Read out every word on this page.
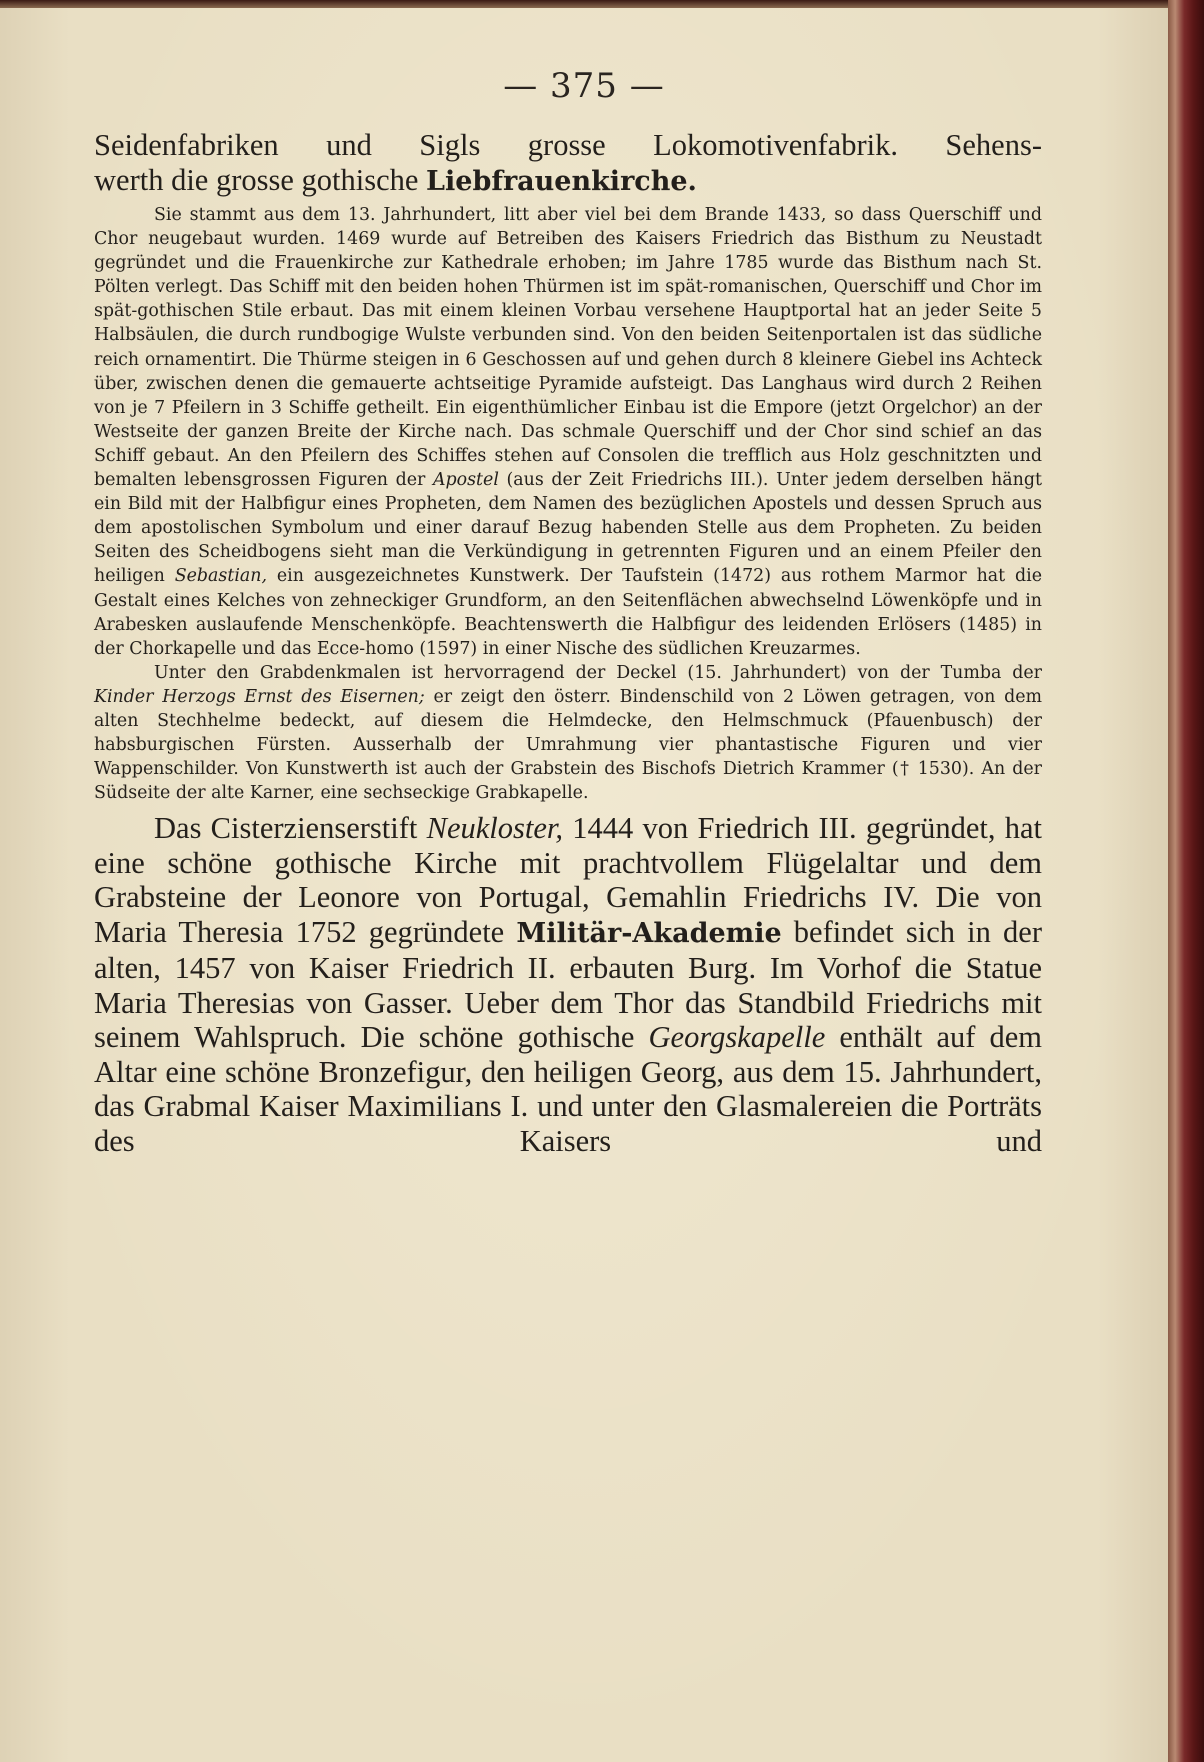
— 375 —

Seidenfabriken und Sigls grosse Lokomotivenfabrik. Sehens-

werth die grosse gothische Liebfrauenkirche.

Sie stammt aus dem 13. Jahrhundert, litt aber viel bei dem Brande 1433, so dass Querschiff und Chor neugebaut wurden. 1469 wurde auf Betreiben des Kaisers Friedrich das Bisthum zu Neustadt gegründet und die Frauenkirche zur Kathedrale erhoben; im Jahre 1785 wurde das Bisthum nach St. Pölten verlegt. Das Schiff mit den beiden hohen Thürmen ist im spät-romanischen, Querschiff und Chor im spät-gothischen Stile erbaut. Das mit einem kleinen Vorbau versehene Hauptportal hat an jeder Seite 5 Halbsäulen, die durch rundbogige Wulste verbunden sind. Von den beiden Seitenportalen ist das südliche reich ornamentirt. Die Thürme steigen in 6 Geschossen auf und gehen durch 8 kleinere Giebel ins Achteck über, zwischen denen die gemauerte achtseitige Pyramide aufsteigt. Das Langhaus wird durch 2 Reihen von je 7 Pfeilern in 3 Schiffe getheilt. Ein eigenthümlicher Einbau ist die Empore (jetzt Orgelchor) an der Westseite der ganzen Breite der Kirche nach. Das schmale Querschiff und der Chor sind schief an das Schiff gebaut. An den Pfeilern des Schiffes stehen auf Consolen die trefflich aus Holz geschnitzten und bemalten lebensgrossen Figuren der Apostel (aus der Zeit Friedrichs III.). Unter jedem derselben hängt ein Bild mit der Halbfigur eines Propheten, dem Namen des bezüglichen Apostels und dessen Spruch aus dem apostolischen Symbolum und einer darauf Bezug habenden Stelle aus dem Propheten. Zu beiden Seiten des Scheidbogens sieht man die Verkündigung in getrennten Figuren und an einem Pfeiler den heiligen Sebastian, ein ausgezeichnetes Kunstwerk. Der Taufstein (1472) aus rothem Marmor hat die Gestalt eines Kelches von zehneckiger Grundform, an den Seitenflächen abwechselnd Löwenköpfe und in Arabesken auslaufende Menschenköpfe. Beachtenswerth die Halbfigur des leidenden Erlösers (1485) in der Chorkapelle und das Ecce-homo (1597) in einer Nische des südlichen Kreuzarmes.

Unter den Grabdenkmalen ist hervorragend der Deckel (15. Jahrhundert) von der Tumba der Kinder Herzogs Ernst des Eisernen; er zeigt den österr. Bindenschild von 2 Löwen getragen, von dem alten Stechhelme bedeckt, auf diesem die Helmdecke, den Helmschmuck (Pfauenbusch) der habsburgischen Fürsten. Ausserhalb der Umrahmung vier phantastische Figuren und vier Wappenschilder. Von Kunstwerth ist auch der Grabstein des Bischofs Dietrich Krammer († 1530). An der Südseite der alte Karner, eine sechseckige Grabkapelle.

Das Cisterzienserstift Neukloster, 1444 von Friedrich III. gegründet, hat eine schöne gothische Kirche mit prachtvollem Flügelaltar und dem Grabsteine der Leonore von Portugal, Gemahlin Friedrichs IV. Die von Maria Theresia 1752 gegründete Militär-Akademie befindet sich in der alten, 1457 von Kaiser Friedrich II. erbauten Burg. Im Vorhof die Statue Maria Theresias von Gasser. Ueber dem Thor das Standbild Friedrichs mit seinem Wahlspruch. Die schöne gothische Georgskapelle enthält auf dem Altar eine schöne Bronzefigur, den heiligen Georg, aus dem 15. Jahrhundert, das Grabmal Kaiser Maximilians I. und unter den Glasmalereien die Porträts des Kaisers und
